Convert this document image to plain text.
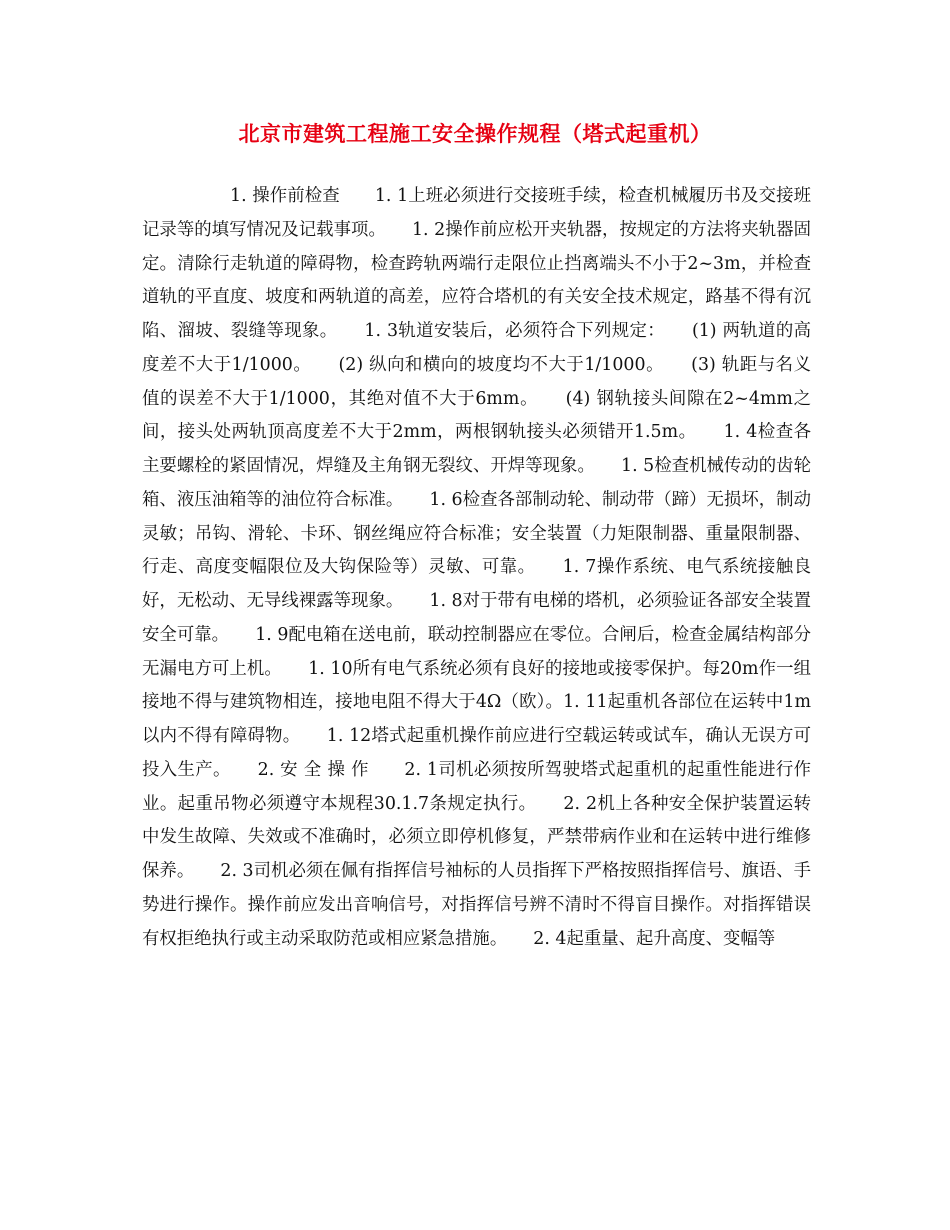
北京市建筑工程施工安全操作规程（塔式起重机）
1. 操作前检查　　1. 1上班必须进行交接班手续，检查机械履历书及交接班记录等的填写情况及记载事项。　　1. 2操作前应松开夹轨器，按规定的方法将夹轨器固定。清除行走轨道的障碍物，检查跨轨两端行走限位止挡离端头不小于2~3m，并检查道轨的平直度、坡度和两轨道的高差，应符合塔机的有关安全技术规定，路基不得有沉陷、溜坡、裂缝等现象。　　1. 3轨道安装后，必须符合下列规定：　　(1) 两轨道的高度差不大于1/1000。　　(2) 纵向和横向的坡度均不大于1/1000。　　(3) 轨距与名义值的误差不大于1/1000，其绝对值不大于6mm。　　(4) 钢轨接头间隙在2~4mm之间，接头处两轨顶高度差不大于2mm，两根钢轨接头必须错开1.5m。　　1. 4检查各主要螺栓的紧固情况，焊缝及主角钢无裂纹、开焊等现象。　　1. 5检查机械传动的齿轮箱、液压油箱等的油位符合标准。　　1. 6检查各部制动轮、制动带（蹄）无损坏，制动灵敏；吊钩、滑轮、卡环、钢丝绳应符合标准；安全装置（力矩限制器、重量限制器、行走、高度变幅限位及大钩保险等）灵敏、可靠。　　1. 7操作系统、电气系统接触良好，无松动、无导线裸露等现象。　　1. 8对于带有电梯的塔机，必须验证各部安全装置安全可靠。　　1. 9配电箱在送电前，联动控制器应在零位。合闸后，检查金属结构部分无漏电方可上机。　　1. 10所有电气系统必须有良好的接地或接零保护。每20m作一组接地不得与建筑物相连，接地电阻不得大于4Ω（欧）。1. 11起重机各部位在运转中1m以内不得有障碍物。　　1. 12塔式起重机操作前应进行空载运转或试车，确认无误方可投入生产。　　2. 安 全 操 作　　2. 1司机必须按所驾驶塔式起重机的起重性能进行作业。起重吊物必须遵守本规程30.1.7条规定执行。　　2. 2机上各种安全保护装置运转中发生故障、失效或不准确时，必须立即停机修复，严禁带病作业和在运转中进行维修保养。　　2. 3司机必须在佩有指挥信号袖标的人员指挥下严格按照指挥信号、旗语、手势进行操作。操作前应发出音响信号，对指挥信号辨不清时不得盲目操作。对指挥错误有权拒绝执行或主动采取防范或相应紧急措施。　　2. 4起重量、起升高度、变幅等
